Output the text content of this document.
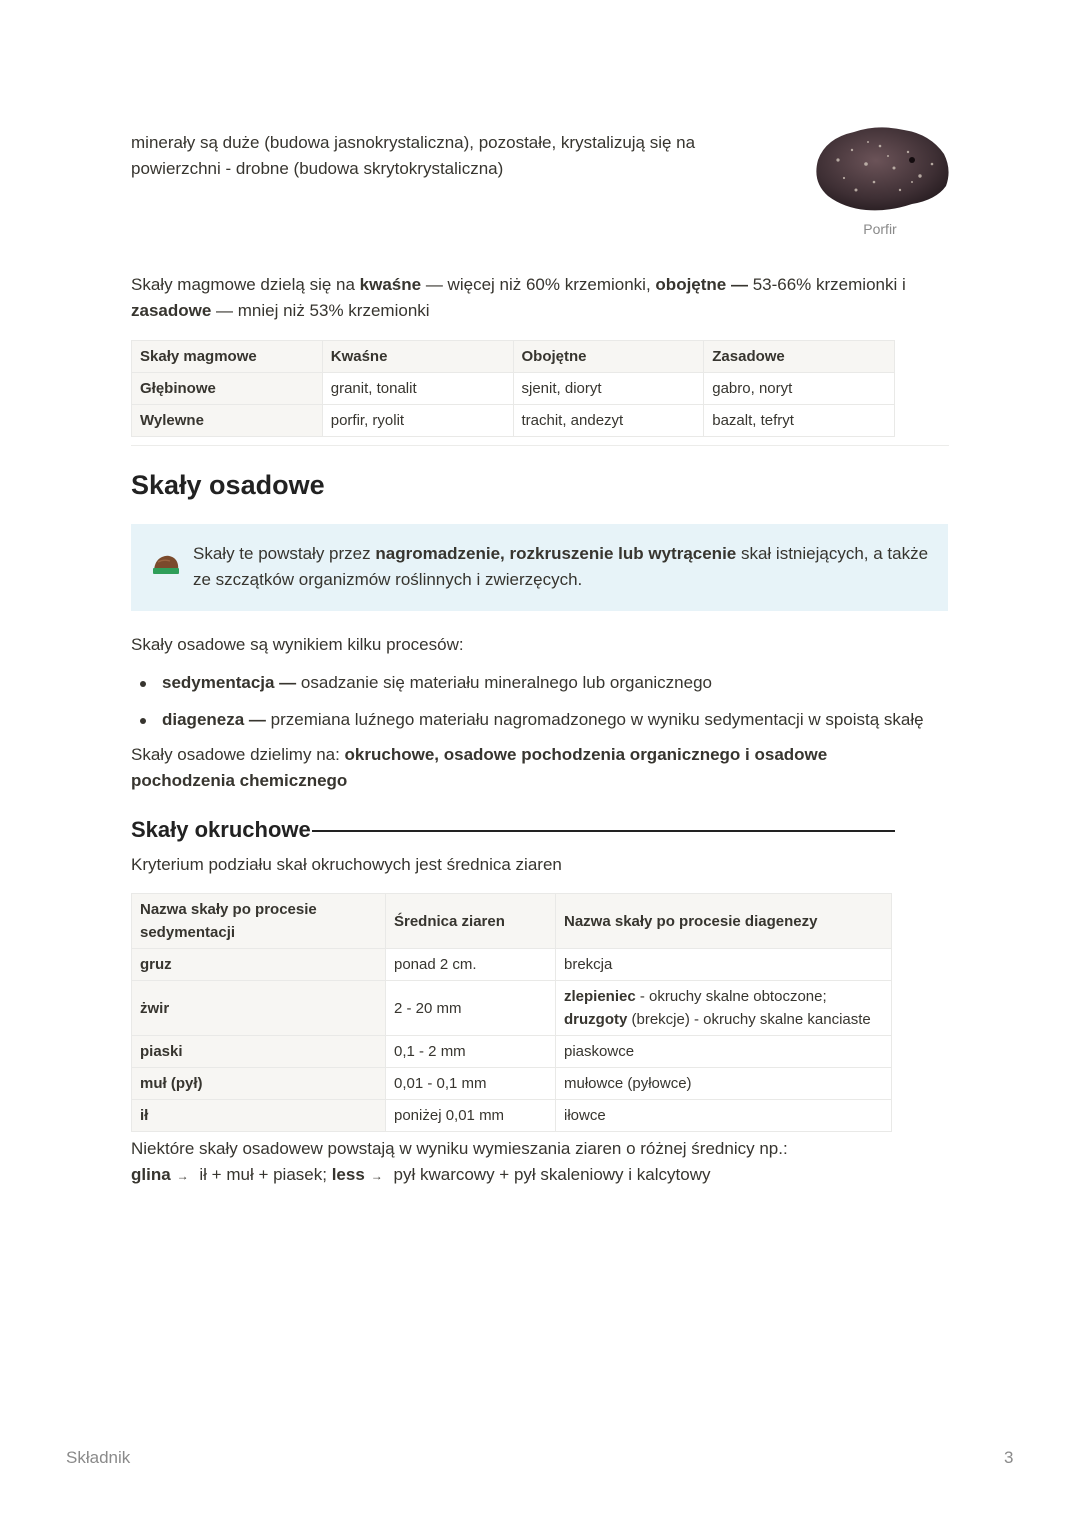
minerały są duże (budowa jasnokrystaliczna), pozostałe, krystalizują się na powierzchni - drobne (budowa skrytokrystaliczna)

Porfir

Skały magmowe dzielą się na kwaśne — więcej niż 60% krzemionki, obojętne — 53-66% krzemionki i zasadowe — mniej niż 53% krzemionki

Skały magmowe	Kwaśne	Obojętne	Zasadowe
Głębinowe	granit, tonalit	sjenit, dioryt	gabro, noryt
Wylewne	porfir, ryolit	trachit, andezyt	bazalt, tefryt
Skały osadowe

Skały te powstały przez nagromadzenie, rozkruszenie lub wytrącenie skał istniejących, a także ze szczątków organizmów roślinnych i zwierzęcych.

Skały osadowe są wynikiem kilku procesów:

sedymentacja — osadzanie się materiału mineralnego lub organicznego
diageneza — przemiana luźnego materiału nagromadzonego w wyniku sedymentacji w spoistą skałę

Skały osadowe dzielimy na: okruchowe, osadowe pochodzenia organicznego i osadowe pochodzenia chemicznego

Skały okruchowe

Kryterium podziału skał okruchowych jest średnica ziaren

Nazwa skały po procesie sedymentacji	Średnica ziaren	Nazwa skały po procesie diagenezy
gruz	ponad 2 cm.	brekcja
żwir	2 - 20 mm	zlepieniec - okruchy skalne obtoczone;
druzgoty (brekcje) - okruchy skalne kanciaste
piaski	0,1 - 2 mm	piaskowce
muł (pył)	0,01 - 0,1 mm	mułowce (pyłowce)
ił	poniżej 0,01 mm	iłowce

Niektóre skały osadowew powstają w wyniku wymieszania ziaren o różnej średnicy np.:
glina → ił + muł + piasek; less → pył kwarcowy + pył skaleniowy i kalcytowy

Składnik	3
